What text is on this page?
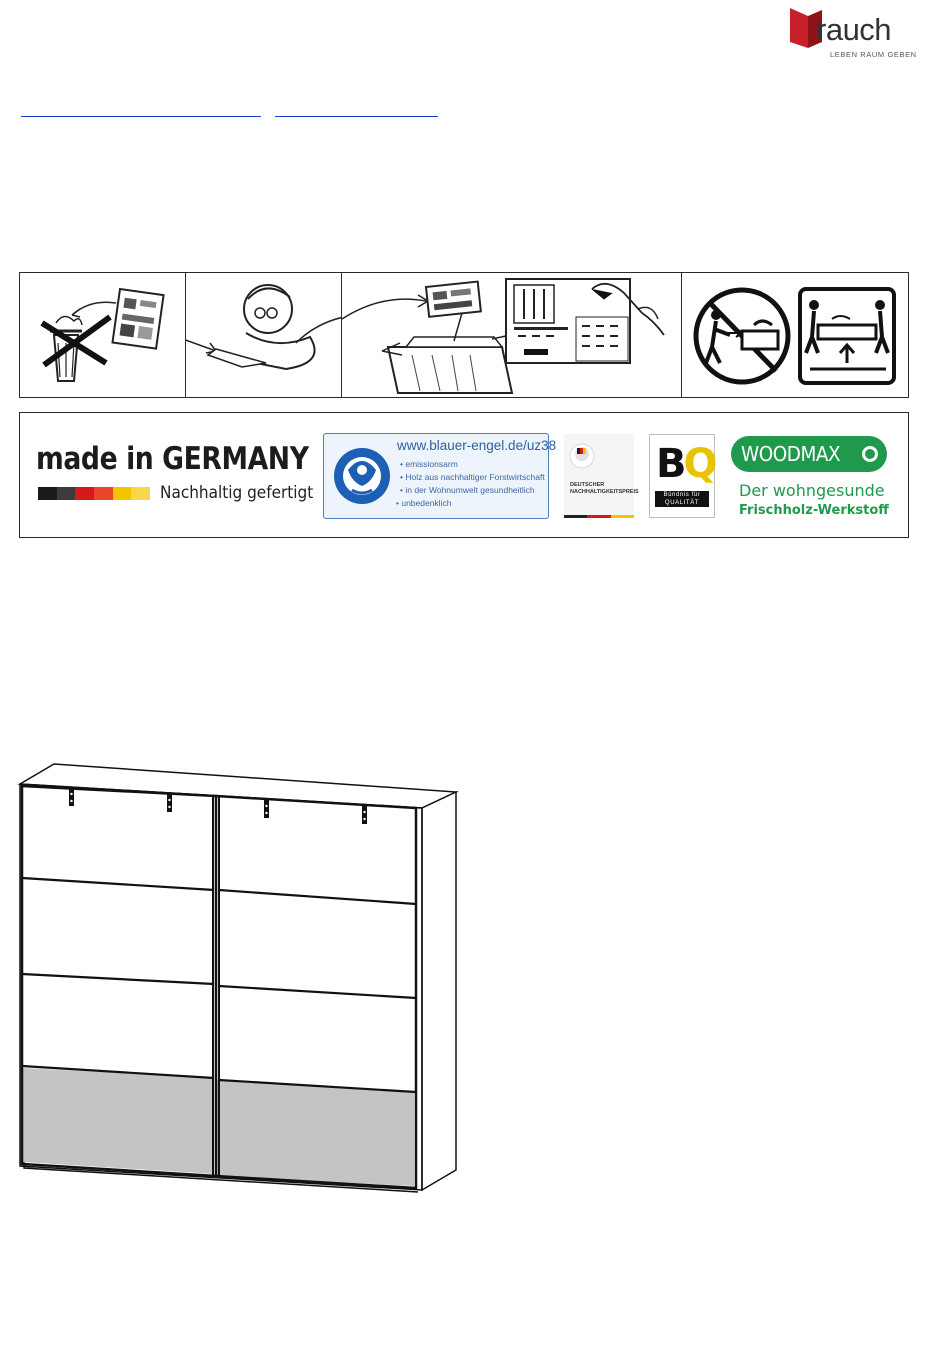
rauch
LEBEN RAUM GEBEN
made in GERMANY
Nachhaltig gefertigt
www.blauer-engel.de/uz38
• emissionsarm
• Holz aus nachhaltiger Forstwirtschaft
• in der Wohnumwelt gesundheitlich
• unbedenklich
DEUTSCHER
NACHHALTIGKEITSPREIS
BQ
Bündnis für
QUALITÄT
WOODMAX
Der wohngesunde
Frischholz-Werkstoff
